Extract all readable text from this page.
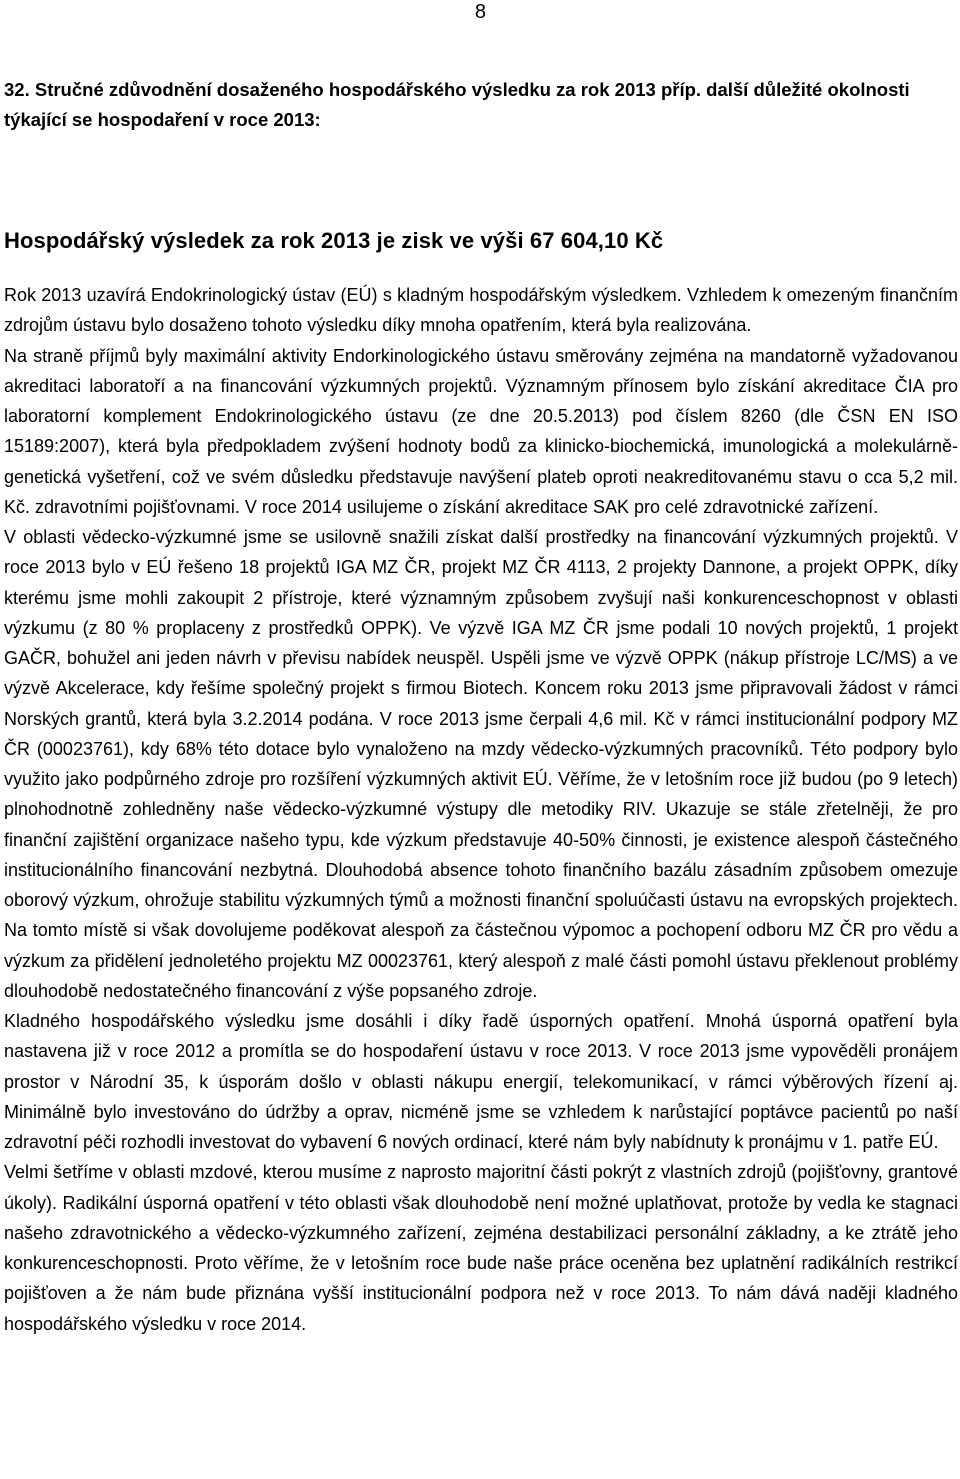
8
32. Stručné zdůvodnění dosaženého hospodářského výsledku za rok 2013 příp. další důležité okolnosti týkající se hospodaření v roce 2013:
Hospodářský výsledek za rok 2013 je zisk ve výši 67 604,10 Kč

Rok 2013 uzavírá Endokrinologický ústav (EÚ) s kladným hospodářským výsledkem. Vzhledem k omezeným finančním zdrojům ústavu bylo dosaženo tohoto výsledku díky mnoha opatřením, která byla realizována.

Na straně příjmů byly maximální aktivity Endorkinologického ústavu směrovány zejména na mandatorně vyžadovanou akreditaci laboratoří a na financování výzkumných projektů. Významným přínosem bylo získání akreditace ČIA pro laboratorní komplement Endokrinologického ústavu (ze dne 20.5.2013) pod číslem 8260 (dle ČSN EN ISO 15189:2007), která byla předpokladem zvýšení hodnoty bodů za klinicko-biochemická, imunologická a molekulárně-genetická vyšetření, což ve svém důsledku představuje navýšení plateb oproti neakreditovanému stavu o cca 5,2 mil. Kč. zdravotními pojišťovnami. V roce 2014 usilujeme o získání akreditace SAK pro celé zdravotnické zařízení.

V oblasti vědecko-výzkumné jsme se usilovně snažili získat další prostředky na financování výzkumných projektů. V roce 2013 bylo v EÚ řešeno 18 projektů IGA MZ ČR, projekt MZ ČR 4113, 2 projekty Dannone, a projekt OPPK, díky kterému jsme mohli zakoupit 2 přístroje, které významným způsobem zvyšují naši konkurenceschopnost v oblasti výzkumu (z 80 % proplaceny z prostředků OPPK). Ve výzvě IGA MZ ČR jsme podali 10 nových projektů, 1 projekt GAČR, bohužel ani jeden návrh v převisu nabídek neuspěl. Uspěli jsme ve výzvě OPPK (nákup přístroje LC/MS) a ve výzvě Akcelerace, kdy řešíme společný projekt s firmou Biotech. Koncem roku 2013 jsme připravovali žádost v rámci Norských grantů, která byla 3.2.2014 podána. V roce 2013 jsme čerpali 4,6 mil. Kč v rámci institucionální podpory MZ ČR (00023761), kdy 68% této dotace bylo vynaloženo na mzdy vědecko-výzkumných pracovníků. Této podpory bylo využito jako podpůrného zdroje pro rozšíření výzkumných aktivit EÚ. Věříme, že v letošním roce již budou (po 9 letech) plnohodnotně zohledněny naše vědecko-výzkumné výstupy dle metodiky RIV. Ukazuje se stále zřetelněji, že pro finanční zajištění organizace našeho typu, kde výzkum představuje 40-50% činnosti, je existence alespoň částečného institucionálního financování nezbytná. Dlouhodobá absence tohoto finančního bazálu zásadním způsobem omezuje oborový výzkum, ohrožuje stabilitu výzkumných týmů a možnosti finanční spoluúčasti ústavu na evropských projektech. Na tomto místě si však dovolujeme poděkovat alespoň za částečnou výpomoc a pochopení odboru MZ ČR pro vědu a výzkum za přidělení jednoletého projektu MZ 00023761, který alespoň z malé části pomohl ústavu překlenout problémy dlouhodobě nedostatečného financování z výše popsaného zdroje.

Kladného hospodářského výsledku jsme dosáhli i díky řadě úsporných opatření. Mnohá úsporná opatření byla nastavena již v roce 2012 a promítla se do hospodaření ústavu v roce 2013. V roce 2013 jsme vypověděli pronájem prostor v Národní 35, k úsporám došlo v oblasti nákupu energií, telekomunikací, v rámci výběrových řízení aj. Minimálně bylo investováno do údržby a oprav, nicméně jsme se vzhledem k narůstající poptávce pacientů po naší zdravotní péči rozhodli investovat do vybavení 6 nových ordinací, které nám byly nabídnuty k pronájmu v 1. patře EÚ.

Velmi šetříme v oblasti mzdové, kterou musíme z naprosto majoritní části pokrýt z vlastních zdrojů (pojišťovny, grantové úkoly). Radikální úsporná opatření v této oblasti však dlouhodobě není možné uplatňovat, protože by vedla ke stagnaci našeho zdravotnického a vědecko-výzkumného zařízení, zejména destabilizaci personální základny, a ke ztrátě jeho konkurenceschopnosti. Proto věříme, že v letošním roce bude naše práce oceněna bez uplatnění radikálních restrikcí pojišťoven a že nám bude přiznána vyšší institucionální podpora než v roce 2013. To nám dává naději kladného hospodářského výsledku v roce 2014.
